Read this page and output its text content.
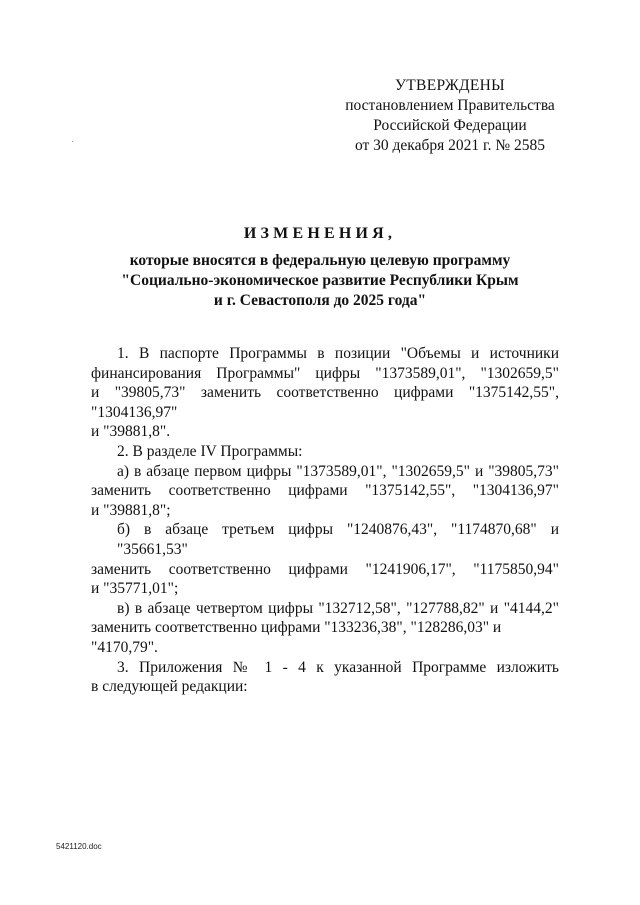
УТВЕРЖДЕНЫ
постановлением Правительства
Российской Федерации
от 30 декабря 2021 г. № 2585
ИЗМЕНЕНИЯ,
которые вносятся в федеральную целевую программу
"Социально-экономическое развитие Республики Крым
и г. Севастополя до 2025 года"
1. В паспорте Программы в позиции "Объемы и источники
финансирования Программы" цифры "1373589,01", "1302659,5"
и "39805,73" заменить соответственно цифрами "1375142,55", "1304136,97"
и "39881,8".
2. В разделе IV Программы:
а) в абзаце первом цифры "1373589,01", "1302659,5" и "39805,73"
заменить соответственно цифрами "1375142,55", "1304136,97"
и "39881,8";
б) в абзаце третьем цифры "1240876,43", "1174870,68" и "35661,53"
заменить соответственно цифрами "1241906,17", "1175850,94"
и "35771,01";
в) в абзаце четвертом цифры "132712,58", "127788,82" и "4144,2"
заменить соответственно цифрами "133236,38", "128286,03" и "4170,79".
3. Приложения № 1 - 4 к указанной Программе изложить
в следующей редакции:
5421120.doc
